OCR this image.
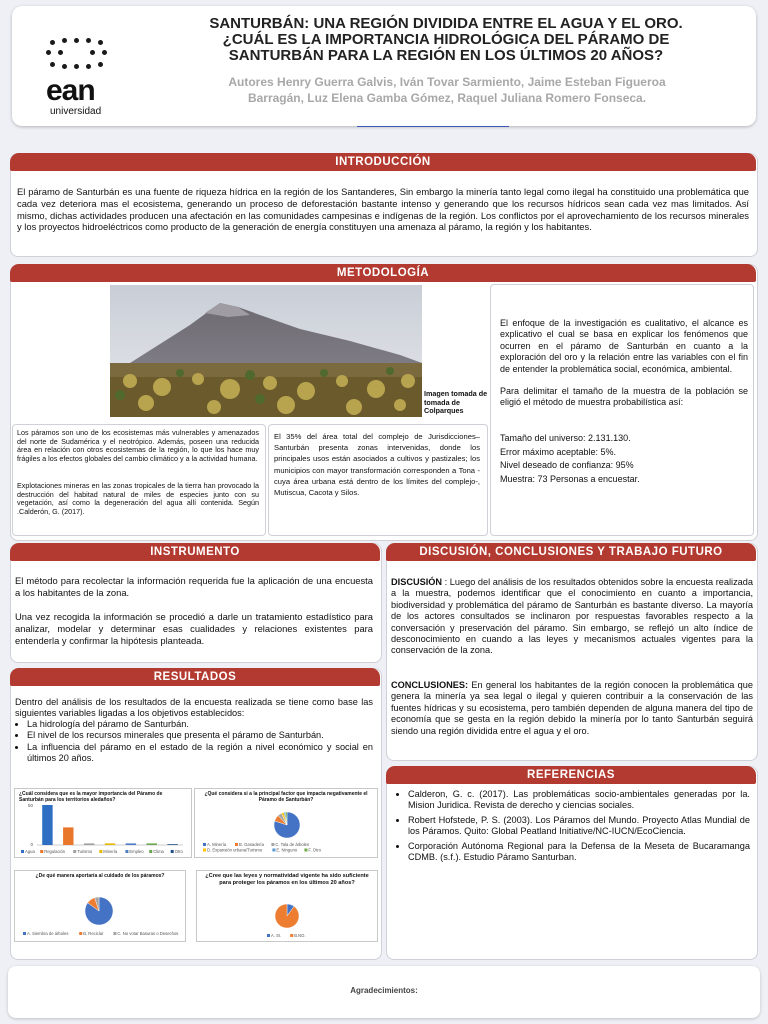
ean
universidad
SANTURBÁN: UNA REGIÓN DIVIDIDA ENTRE EL AGUA Y EL ORO.
¿CUÁL ES LA IMPORTANCIA HIDROLÓGICA DEL PÁRAMO DE
SANTURBÁN PARA LA REGIÓN EN LOS ÚLTIMOS 20 AÑOS?
Autores Henry Guerra Galvis, Iván Tovar Sarmiento, Jaime Esteban Figueroa
Barragán, Luz Elena Gamba Gómez, Raquel Juliana Romero Fonseca.
INTRODUCCIÓN
El páramo de Santurbán es una fuente de riqueza hídrica en la región de los Santanderes, Sin embargo la minería tanto legal como ilegal ha constituido una problemática que cada vez deteriora mas el ecosistema, generando un proceso de deforestación bastante intenso y generando que los recursos hídricos sean cada vez mas limitados. Así mismo, dichas actividades producen una afectación en las comunidades campesinas e indígenas de la región. Los conflictos por el aprovechamiento de los recursos minerales y los proyectos hidroeléctricos como producto de la generación de energía constituyen una amenaza al páramo, la región y los habitantes.
METODOLOGÍA
Imagen tomada de tomada de Colparques
Los páramos son uno de los ecosistemas más vulnerables y amenazados del norte de Sudamérica y el neotrópico. Además, poseen una reducida área en relación con otros ecosistemas de la región, lo que los hace muy frágiles a los efectos globales del cambio climático y a la actividad humana.
Explotaciones mineras en las zonas tropicales de la tierra han provocado la destrucción del habitad natural de miles de especies junto con su vegetación, así como la degeneración del agua allí contenida. Según .Calderón, G. (2017).
El 35% del área total del complejo de Jurisdicciones– Santurbán presenta zonas intervenidas, donde los principales usos están asociados a cultivos y pastizales; los municipios con mayor transformación corresponden a Tona -cuya área urbana está dentro de los límites del complejo-, Mutiscua, Cacota y Silos.
El enfoque de la investigación es cualitativo, el alcance es explicativo el cual se basa en explicar los fenómenos que ocurren en el páramo de Santurbán en cuanto a la exploración del oro y la relación entre las variables con el fin de entender la problemática social, económica, ambiental.
Para delimitar el tamaño de la muestra de la población se eligió el método de muestra probabilística así:
Tamaño del universo: 2.131.130.
Error máximo aceptable: 5%.
Nivel deseado de confianza: 95%
Muestra: 73 Personas a encuestar.
INSTRUMENTO
El método para recolectar la información requerida fue la aplicación de una encuesta a los habitantes de la zona.
Una vez recogida la información se procedió a darle un tratamiento estadístico para analizar, modelar y determinar esas cualidades y relaciones existentes para entenderla y confirmar la hipótesis planteada.
RESULTADOS
Dentro del análisis de los resultados de la encuesta realizada se tiene como base las siguientes variables ligadas a los objetivos establecidos:
• La hidrología del páramo de Santurbán.
• El nivel de los recursos minerales que presenta el páramo de Santurbán.
• La influencia del páramo en el estado de la región a nivel económico y social en últimos 20 años.
¿Cuál considera que es la mayor importancia del Páramo de Santurbán para los territorios aledaños?
50
0
Agua Regulación	Turismo	Minería	Empleo Clima	Otro
¿Qué considera si a la principal factor que impacta negativamente el Páramo de Santurbán?
A. Minería	B. Ganadería	C. Tala de árboles
D. Expansión urbana/Turismo	E. Ninguno	F. Otro
¿De qué manera aportaría al cuidado de los páramos?
A. Siembra de árboles	B. Reciclar	C. No votar Basuras o Desechos
¿Cree que las leyes y normatividad vigente ha sido suficiente para proteger los páramos en los últimos 20 años?
A. SI.	B.NO.
DISCUSIÓN, CONCLUSIONES Y TRABAJO FUTURO
DISCUSIÓN : Luego del análisis de los resultados obtenidos sobre la encuesta realizada a la muestra, podemos identificar que el conocimiento en cuanto a importancia, biodiversidad y problemática del páramo de Santurbán es bastante diverso. La mayoría de los actores consultados se inclinaron por respuestas favorables respecto a la conversación y preservación del páramo. Sin embargo, se reflejó un alto índice de desconocimiento en cuando a las leyes y mecanismos actuales vigentes para la conservación de la zona.
CONCLUSIONES: En general los habitantes de la región conocen la problemática que genera la minería ya sea legal o ilegal y quieren contribuir a la conservación de las fuentes hídricas y su ecosistema, pero también dependen de alguna manera del tipo de economía que se gesta en la región debido la minería por lo tanto Santurbán seguirá siendo una región dividida entre el agua y el oro.
REFERENCIAS
• Calderon, G. c. (2017). Las problemáticas socio-ambientales generadas por la. Mision Juridica. Revista de derecho y ciencias sociales.
• Robert Hofstede, P. S. (2003). Los Páramos del Mundo. Proyecto Atlas Mundial de los Páramos. Quito: Global Peatland Initiative/NC-IUCN/EcoCiencia.
• Corporación Autónoma Regional para la Defensa de la Meseta de Bucaramanga CDMB. (s.f.). Estudio Páramo Santurban.
Agradecimientos:
